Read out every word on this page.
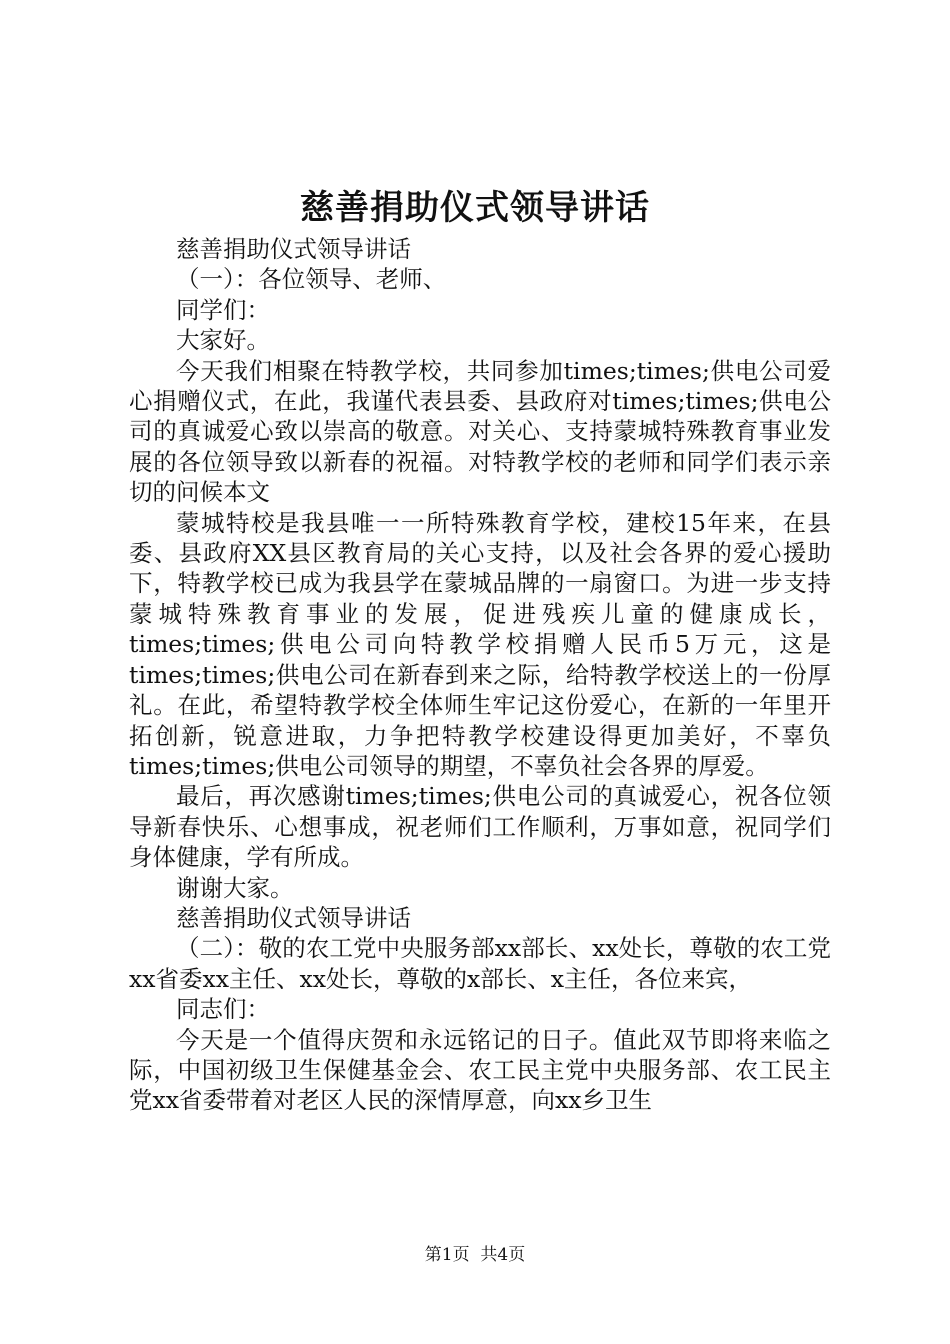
慈善捐助仪式领导讲话

慈善捐助仪式领导讲话

（一）：各位领导、老师、

同学们：

大家好。

今天我们相聚在特教学校，共同参加times;times;供电公司爱心捐赠仪式，在此，我谨代表县委、县政府对times;times;供电公司的真诚爱心致以崇高的敬意。对关心、支持蒙城特殊教育事业发展的各位领导致以新春的祝福。对特教学校的老师和同学们表示亲切的问候本文

蒙城特校是我县唯一一所特殊教育学校，建校15年来，在县委、县政府XX县区教育局的关心支持，以及社会各界的爱心援助下，特教学校已成为我县学在蒙城品牌的一扇窗口。为进一步支持蒙城特殊教育事业的发展，促进残疾儿童的健康成长，times;times;供电公司向特教学校捐赠人民币5万元，这是times;times;供电公司在新春到来之际，给特教学校送上的一份厚礼。在此，希望特教学校全体师生牢记这份爱心，在新的一年里开拓创新，锐意进取，力争把特教学校建设得更加美好，不辜负times;times;供电公司领导的期望，不辜负社会各界的厚爱。

最后，再次感谢times;times;供电公司的真诚爱心，祝各位领导新春快乐、心想事成，祝老师们工作顺利，万事如意，祝同学们身体健康，学有所成。

谢谢大家。

慈善捐助仪式领导讲话

（二）：敬的农工党中央服务部xx部长、xx处长，尊敬的农工党xx省委xx主任、xx处长，尊敬的x部长、x主任，各位来宾，

同志们：

今天是一个值得庆贺和永远铭记的日子。值此双节即将来临之际，中国初级卫生保健基金会、农工民主党中央服务部、农工民主党xx省委带着对老区人民的深情厚意，向xx乡卫生

第1页 共4页
